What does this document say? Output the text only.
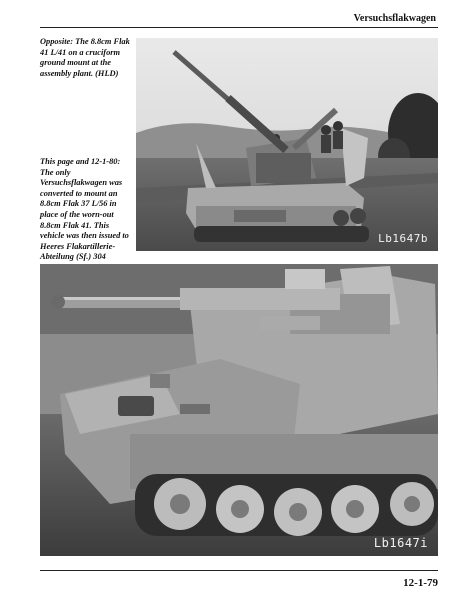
Versuchsflakwagen
Opposite: The 8.8cm Flak 41 L/41 on a cruciform ground mount at the assembly plant. (HLD)
This page and 12-1-80: The only Versuchsflakwagen was converted to mount an 8.8cm Flak 37 L/56 in place of the worn-out 8.8cm Flak 41. This vehicle was then issued to Heeres Flakartillerie-Abteilung (Sf.) 304
Lb1647b
Lb1647i
12-1-79
